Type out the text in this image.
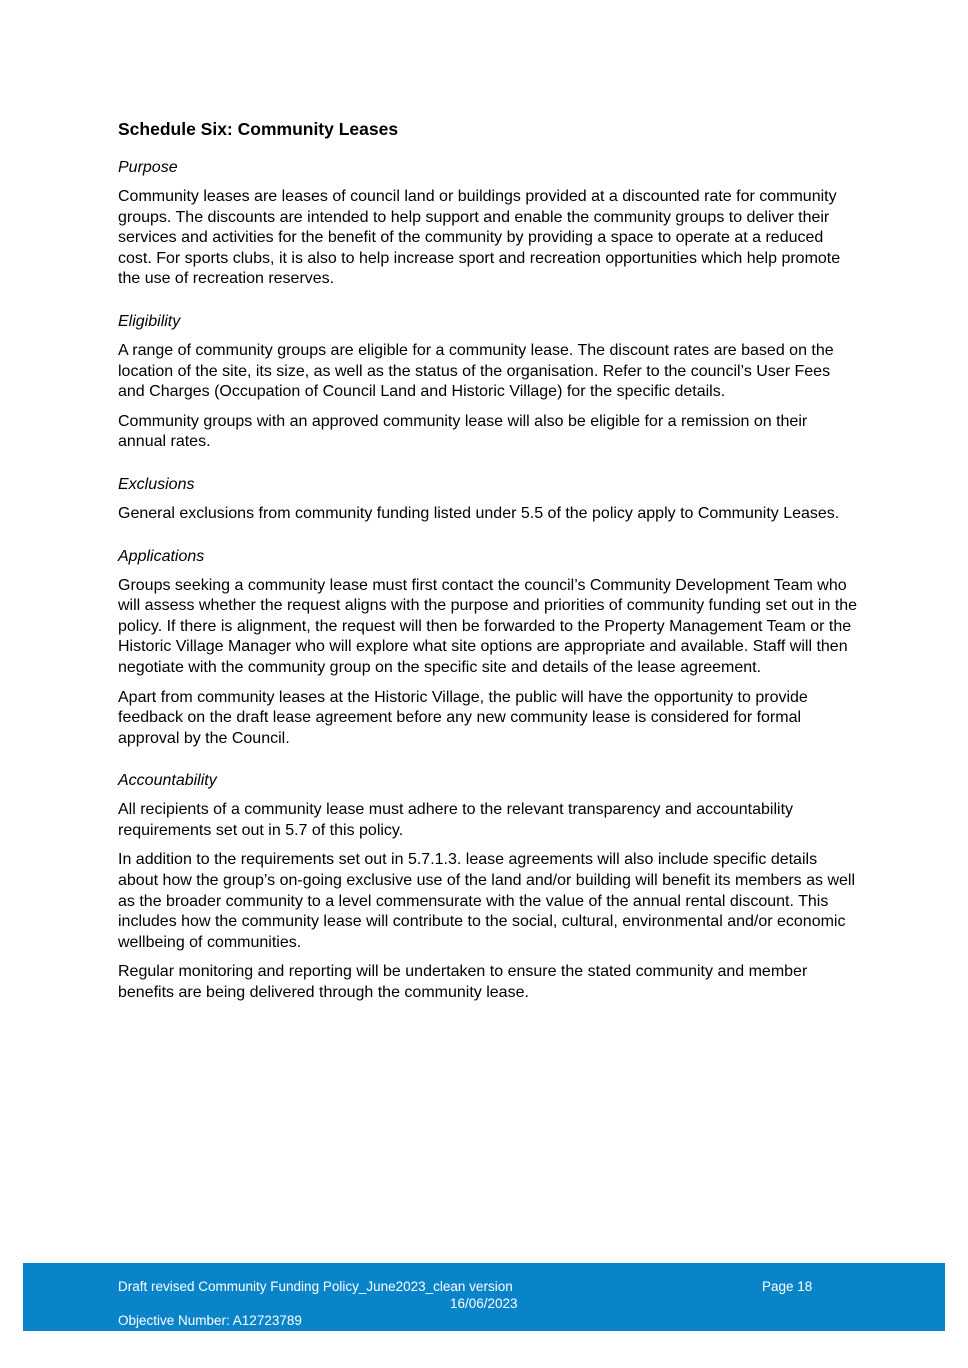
Schedule Six: Community Leases

Purpose

Community leases are leases of council land or buildings provided at a discounted rate for community groups. The discounts are intended to help support and enable the community groups to deliver their services and activities for the benefit of the community by providing a space to operate at a reduced cost. For sports clubs, it is also to help increase sport and recreation opportunities which help promote the use of recreation reserves.

Eligibility

A range of community groups are eligible for a community lease. The discount rates are based on the location of the site, its size, as well as the status of the organisation. Refer to the council’s User Fees and Charges (Occupation of Council Land and Historic Village) for the specific details.

Community groups with an approved community lease will also be eligible for a remission on their annual rates.

Exclusions

General exclusions from community funding listed under 5.5 of the policy apply to Community Leases.

Applications

Groups seeking a community lease must first contact the council’s Community Development Team who will assess whether the request aligns with the purpose and priorities of community funding set out in the policy. If there is alignment, the request will then be forwarded to the Property Management Team or the Historic Village Manager who will explore what site options are appropriate and available. Staff will then negotiate with the community group on the specific site and details of the lease agreement.

Apart from community leases at the Historic Village, the public will have the opportunity to provide feedback on the draft lease agreement before any new community lease is considered for formal approval by the Council.

Accountability

All recipients of a community lease must adhere to the relevant transparency and accountability requirements set out in 5.7 of this policy.

In addition to the requirements set out in 5.7.1.3. lease agreements will also include specific details about how the group’s on-going exclusive use of the land and/or building will benefit its members as well as the broader community to a level commensurate with the value of the annual rental discount. This includes how the community lease will contribute to the social, cultural, environmental and/or economic wellbeing of communities.

Regular monitoring and reporting will be undertaken to ensure the stated community and member benefits are being delivered through the community lease.

Draft revised Community Funding Policy_June2023_clean version
16/06/2023
Page 18
Objective Number: A12723789
